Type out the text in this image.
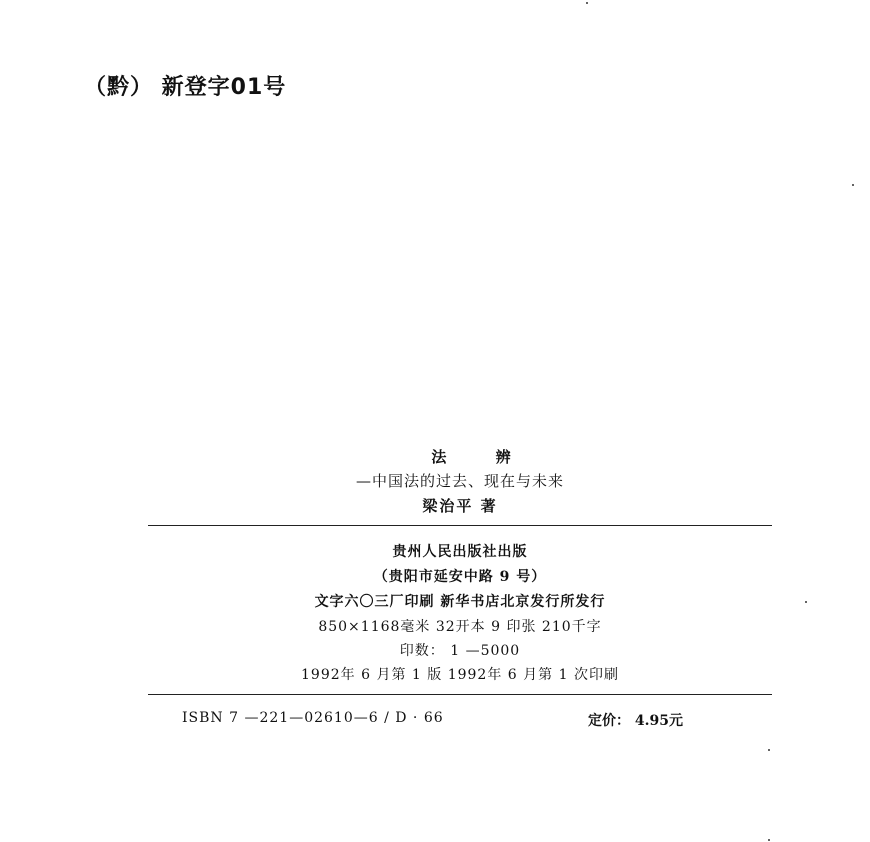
（黔） 新登字01号
法 辨
—中国法的过去、现在与未来
梁治平 著
贵州人民出版社出版
（贵阳市延安中路 9 号）
文字六〇三厂印刷 新华书店北京发行所发行
850×1168毫米 32开本 9 印张 210千字
印数： 1 —5000
1992年 6 月第 1 版 1992年 6 月第 1 次印刷
ISBN 7 —221—02610—6 / D · 66	定价： 4.95元
